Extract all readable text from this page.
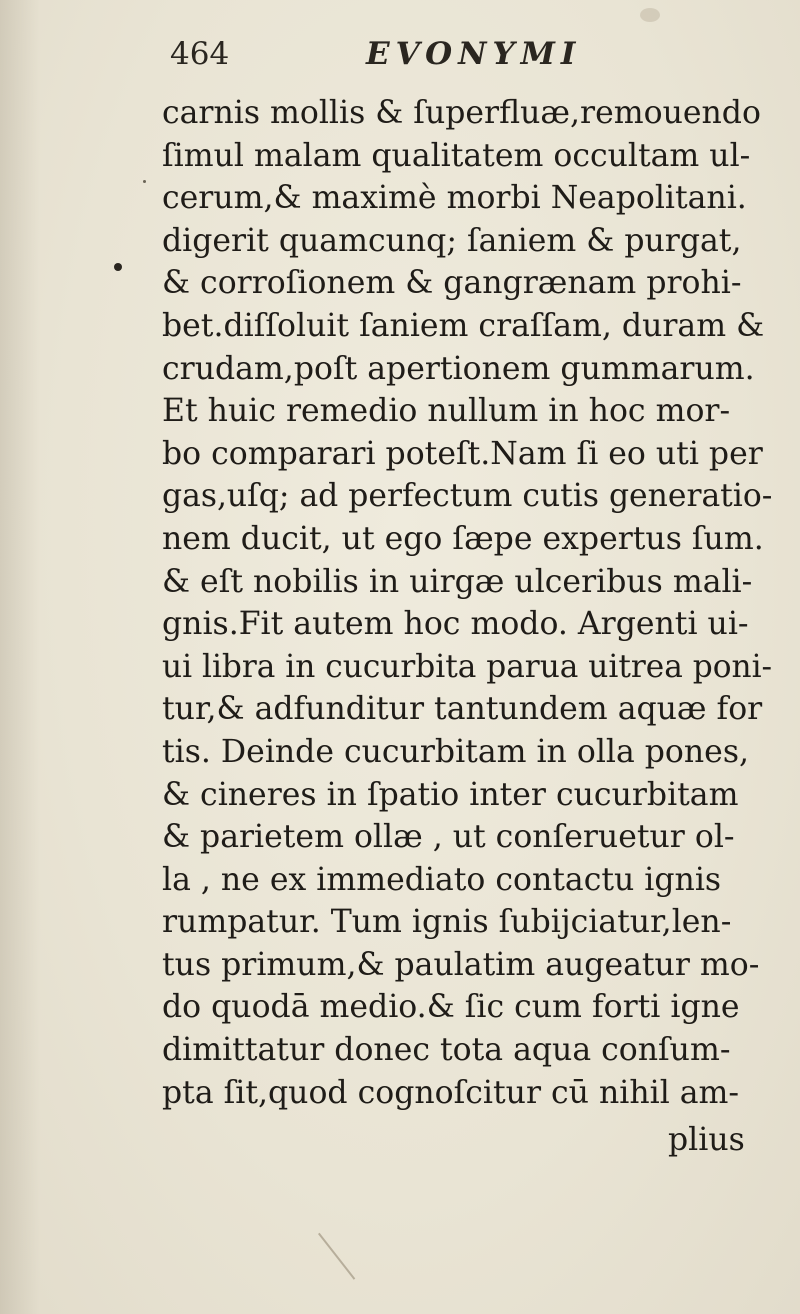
464	EVONYMI
carnis mollis & ſuperfluæ,remouendo
ſimul malam qualitatem occultam ul-
cerum,& maximè morbi Neapolitani.
digerit quamcunq; ſaniem & purgat,
& corroſionem & gangrænam prohi-
bet.diſſoluit ſaniem craſſam, duram &
crudam,poſt apertionem gummarum.
Et huic remedio nullum in hoc mor-
bo comparari poteſt.Nam ſi eo uti per
gas,uſq; ad perfectum cutis generatio-
nem ducit, ut ego ſæpe expertus ſum.
& eſt nobilis in uirgæ ulceribus mali-
gnis.Fit autem hoc modo. Argenti ui-
ui libra in cucurbita parua uitrea poni-
tur,& adfunditur tantundem aquæ for
tis. Deinde cucurbitam in olla pones,
& cineres in ſpatio inter cucurbitam
& parietem ollæ , ut conſeruetur ol-
la , ne ex immediato contactu ignis
rumpatur. Tum ignis ſubijciatur,len-
tus primum,& paulatim augeatur mo-
do quodā medio.& ſic cum forti igne
dimittatur donec tota aqua conſum-
pta ſit,quod cognoſcitur cū nihil am-
plius
